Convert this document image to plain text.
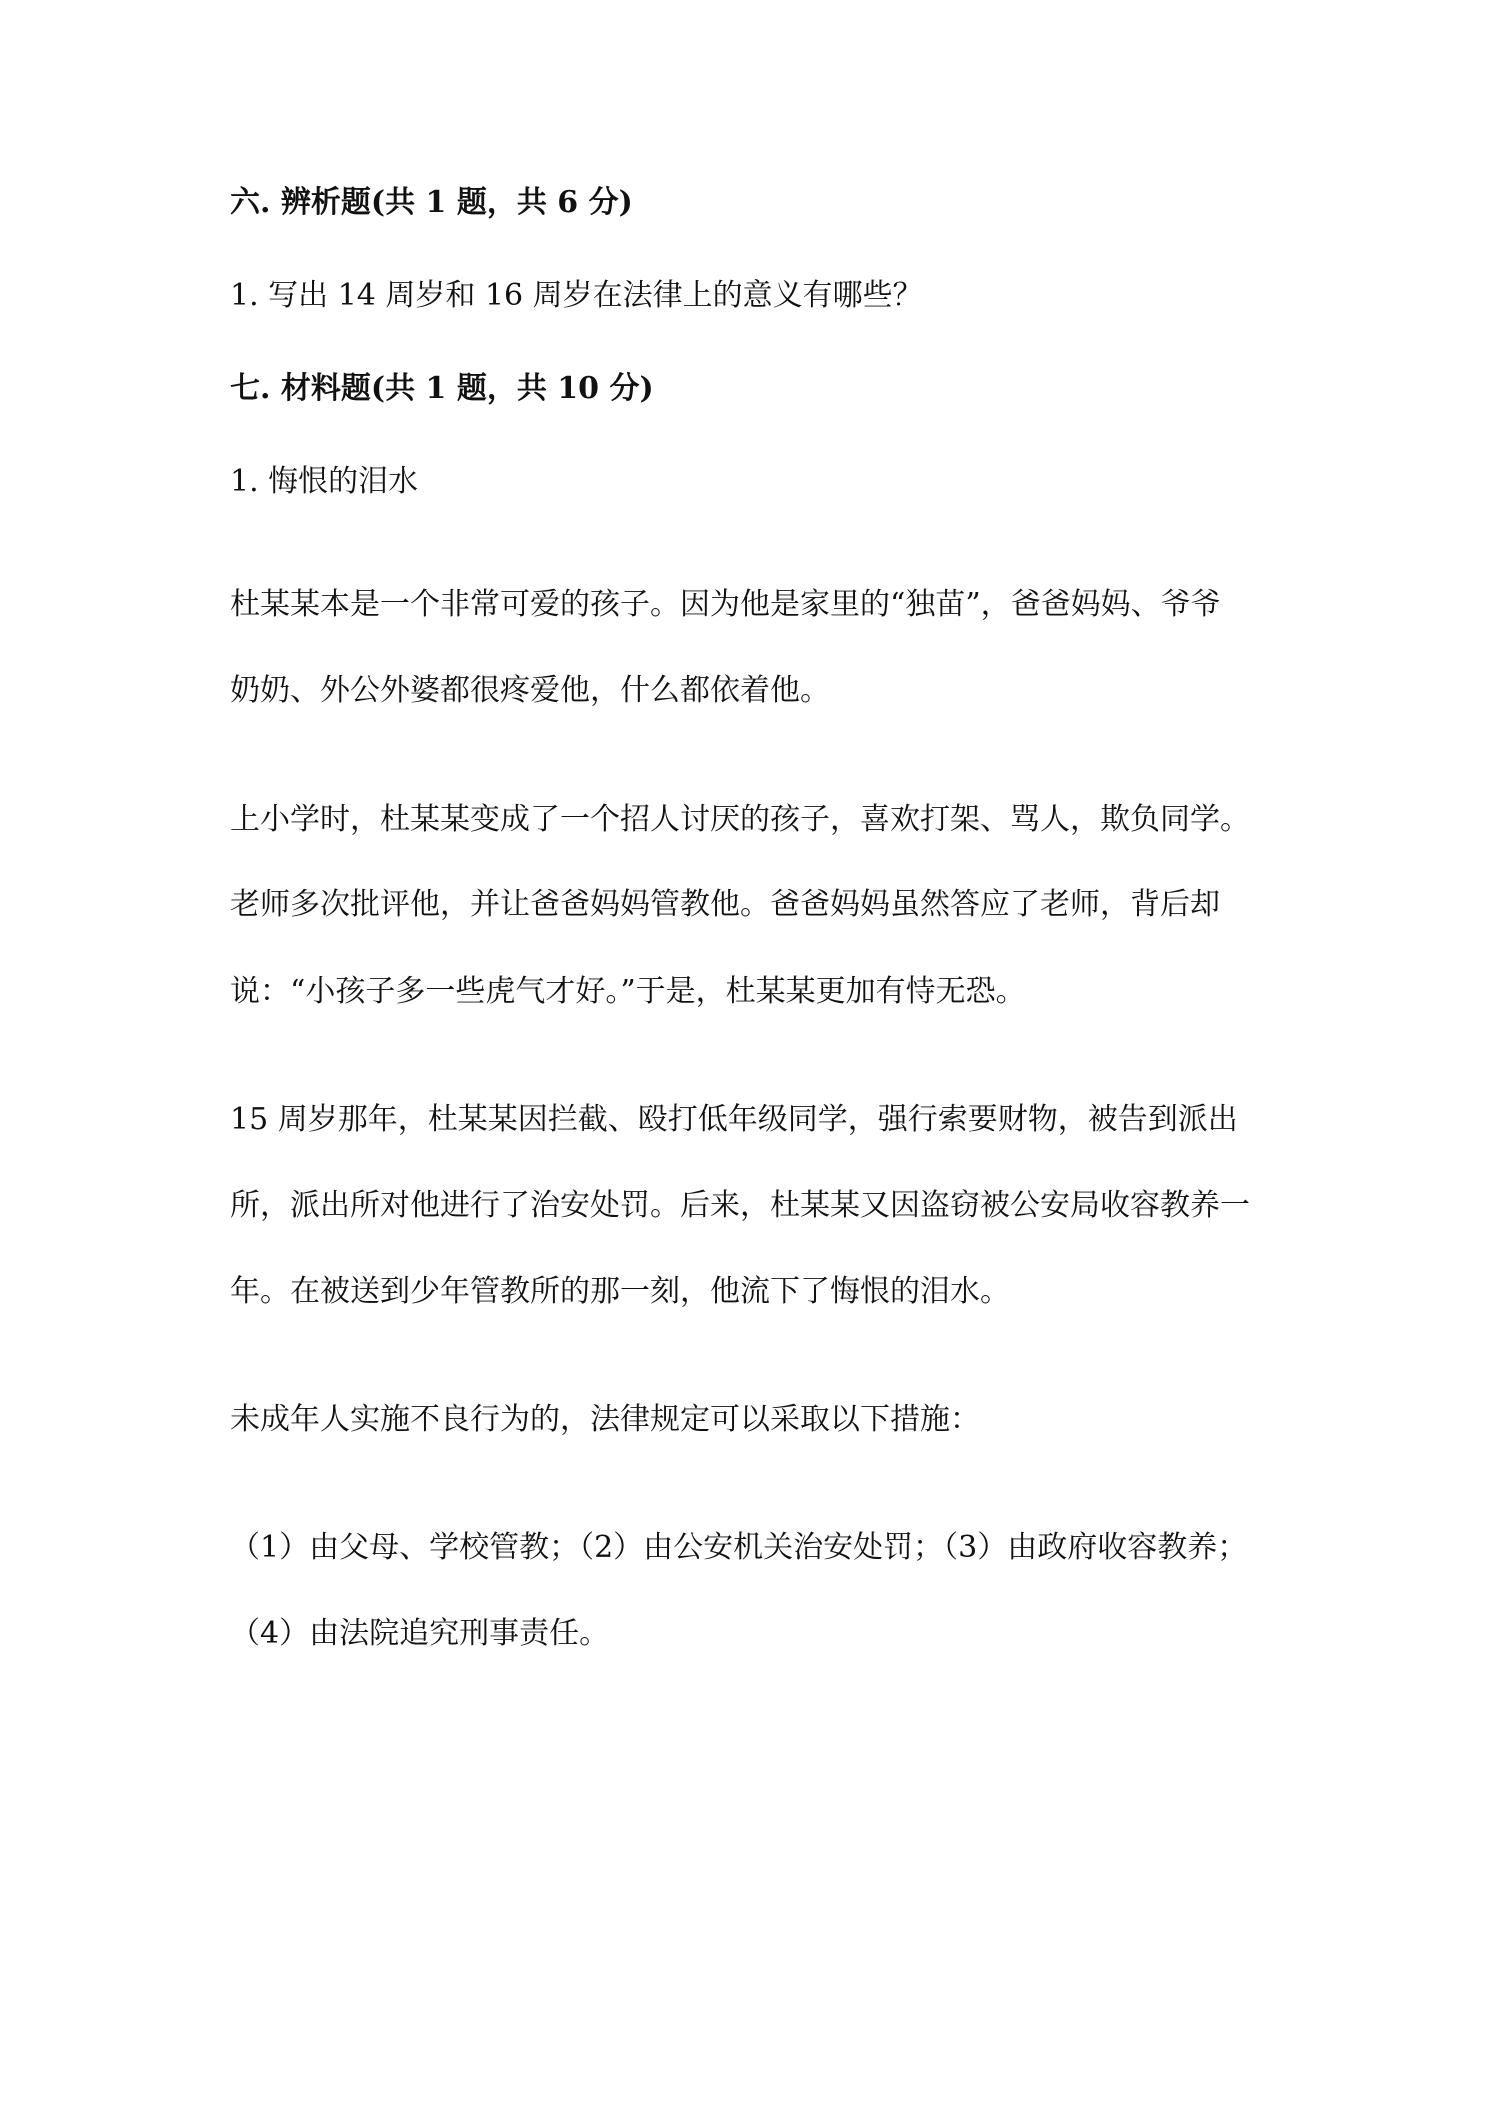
六. 辨析题(共 1 题，共 6 分)

1. 写出 14 周岁和 16 周岁在法律上的意义有哪些？

七. 材料题(共 1 题，共 10 分)

1. 悔恨的泪水

杜某某本是一个非常可爱的孩子。因为他是家里的“独苗”，爸爸妈妈、爷爷

奶奶、外公外婆都很疼爱他，什么都依着他。

上小学时，杜某某变成了一个招人讨厌的孩子，喜欢打架、骂人，欺负同学。

老师多次批评他，并让爸爸妈妈管教他。爸爸妈妈虽然答应了老师，背后却

说：“小孩子多一些虎气才好。”于是，杜某某更加有恃无恐。

15 周岁那年，杜某某因拦截、殴打低年级同学，强行索要财物，被告到派出

所，派出所对他进行了治安处罚。后来，杜某某又因盗窃被公安局收容教养一

年。在被送到少年管教所的那一刻，他流下了悔恨的泪水。

未成年人实施不良行为的，法律规定可以采取以下措施：

（1）由父母、学校管教；（2）由公安机关治安处罚；（3）由政府收容教养；

（4）由法院追究刑事责任。
